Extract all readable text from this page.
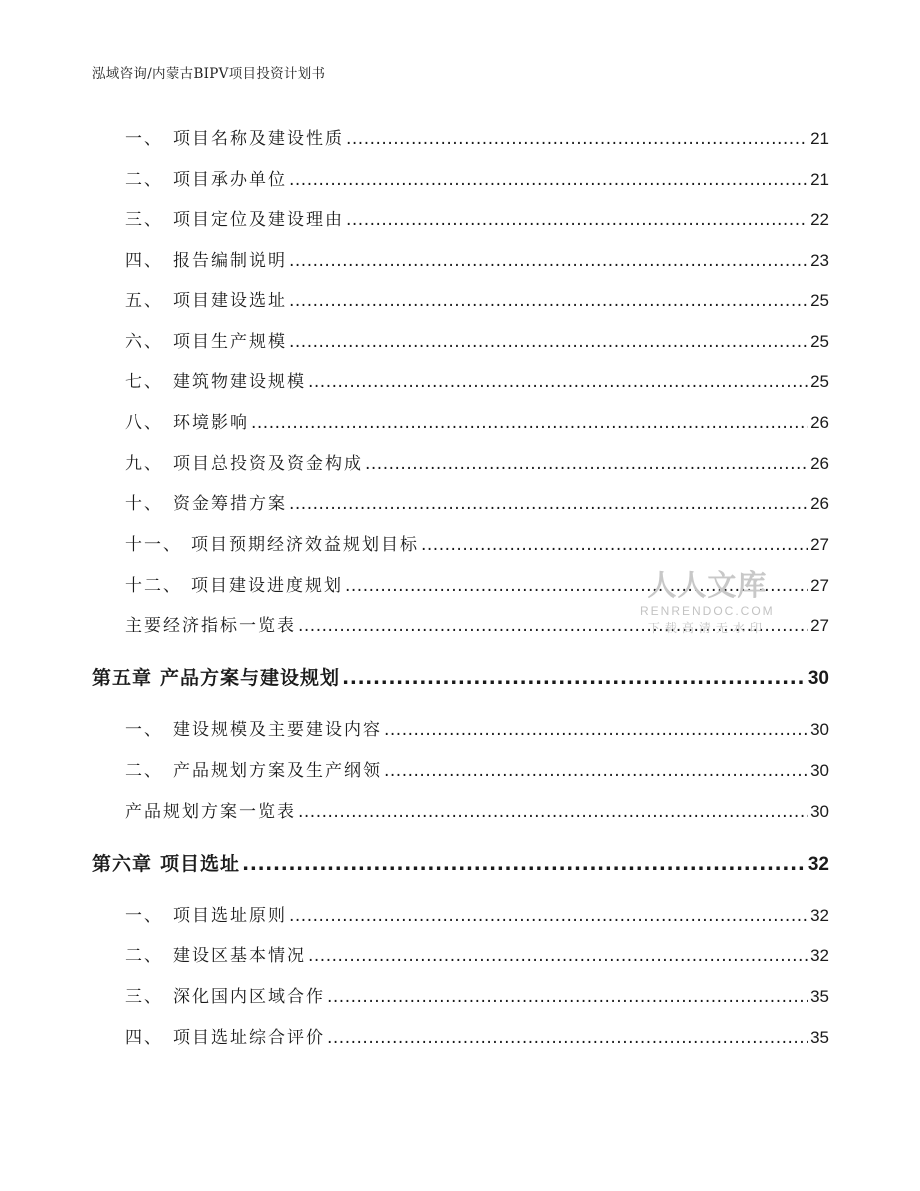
泓域咨询/内蒙古BIPV项目投资计划书
一、 项目名称及建设性质 .....	21
二、 项目承办单位 .....	21
三、 项目定位及建设理由 .....	22
四、 报告编制说明 .....	23
五、 项目建设选址 .....	25
六、 项目生产规模 .....	25
七、 建筑物建设规模 .....	25
八、 环境影响 .....	26
九、 项目总投资及资金构成 .....	26
十、 资金筹措方案 .....	26
十一、 项目预期经济效益规划目标 .....	27
十二、 项目建设进度规划 .....	27
主要经济指标一览表 .....	27
第五章 产品方案与建设规划 .....	30
一、 建设规模及主要建设内容 .....	30
二、 产品规划方案及生产纲领 .....	30
产品规划方案一览表 .....	30
第六章 项目选址 .....	32
一、 项目选址原则 .....	32
二、 建设区基本情况 .....	32
三、 深化国内区域合作 .....	35
四、 项目选址综合评价 .....	35
人人文库
RENRENDOC.COM
下载高清无水印
